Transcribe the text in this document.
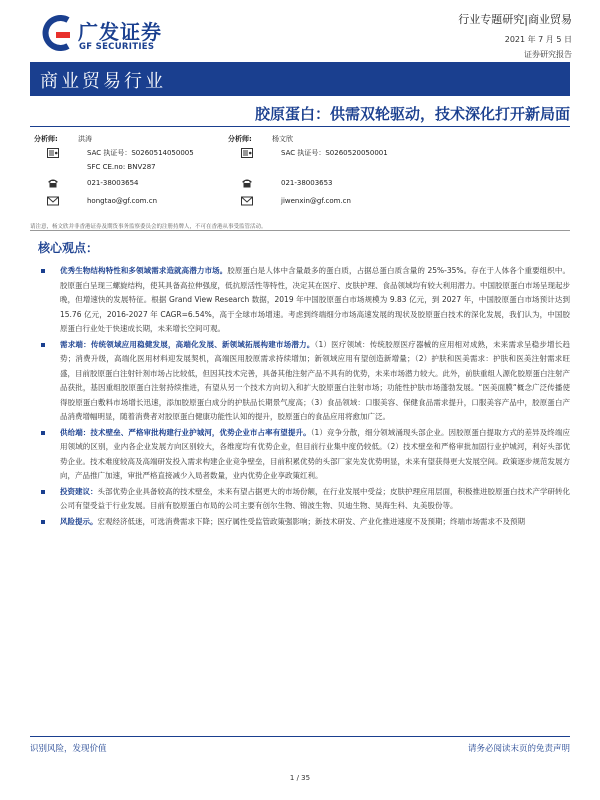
广发证券
GF SECURITIES
行业专题研究|商业贸易
2021 年 7 月 5 日
证券研究报告
商业贸易行业
胶原蛋白：供需双轮驱动，技术深化打开新局面
分析师:	洪涛
SAC 执证号：S0260514050005
SFC CE.no: BNV287
021-38003654
hongtao@gf.com.cn
分析师:	杨文欣
SAC 执证号：S0260520050001
021-38003653
jiwenxin@gf.com.cn
请注意，杨文欣并非香港证券及期货事务监察委员会的注册持牌人，不可在香港从事受监管活动。
核心观点：
优秀生物结构特性和多领域需求造就高潜力市场。胶原蛋白是人体中含量最多的蛋白质，占据总蛋白质含量的 25%-35%。存在于人体各个重要组织中。胶原蛋白呈现三螺旋结构，使其具备高拉伸强度，低抗原活性等特性，决定其在医疗、皮肤护理、食品领域均有较大利用潜力。中国胶原蛋白市场呈现起步晚，但增速快的发展特征。根据 Grand View Research 数据，2019 年中国胶原蛋白市场规模为 9.83 亿元，到 2027 年，中国胶原蛋白市场预计达到 15.76 亿元，2016-2027 年 CAGR=6.54%，高于全球市场增速。考虑到终端细分市场高速发展的现状及胶原蛋白技术的深化发展，我们认为，中国胶原蛋白行业处于快速成长期，未来增长空间可观。
需求端：传统领域应用稳健发展，高端化发展、新领域拓展构建市场潜力。（1）医疗领域：传统胶原医疗器械的应用相对成熟，未来需求呈稳步增长趋势；消费升级，高端化医用材料迎发展契机，高端医用胶原需求持续增加；新领域应用有望创造新增量；（2）护肤和医美需求：护肤和医美注射需求旺盛，目前胶原蛋白注射针剂市场占比较低，但因其技术完善，具备其他注射产品不具有的优势，未来市场潜力较大。此外，前肤重组人源化胶原蛋白注射产品获批，基因重组胶原蛋白注射持续推进，有望从另一个技术方向切入和扩大胶原蛋白注射市场；功能性护肤市场蓬勃发展。“医美面膜“概念广泛传播使得胶原蛋白敷料市场增长迅速，添加胶原蛋白成分的护肤品长期景气度高；（3）食品领域：口服美容、保健食品需求提升，口服美容产品中，胶原蛋白产品消费增幅明显，随着消费者对胶原蛋白健康功能性认知的提升，胶原蛋白的食品应用将愈加广泛。
供给端：技术壁垒、严格审批构建行业护城河，优势企业市占率有望提升。（1）竞争分散，细分领域涌现头部企业。因胶原蛋白提取方式的差异及终端应用领域的区别，业内各企业发展方向区别较大，各维度均有优势企业，但目前行业集中度仍较低。（2）技术壁垒和严格审批加固行业护城河，利好头部优势企业。技术难度较高及高端研发投入需求构建企业竞争壁垒，目前积累优势的头部厂家先发优势明显，未来有望获得更大发展空间。政策逐步规范发展方向，产品推广加速，审批严格直接减少入局者数量，业内优势企业享政策红利。
投资建议：头部优势企业具备较高的技术壁垒，未来有望占据更大的市场份额，在行业发展中受益；皮肤护理应用层面，积极推进胶原蛋白技术产学研转化公司有望受益于行业发展。目前有胶原蛋白布局的公司主要有创尔生物、锦波生物、贝迪生物、昊海生科、丸美股份等。
风险提示。宏观经济低迷，可选消费需求下降；医疗属性受监管政策强影响；新技术研发、产业化推进速度不及预期；终端市场需求不及预期
识别风险，发现价值	请务必阅读末页的免责声明
1 / 35
